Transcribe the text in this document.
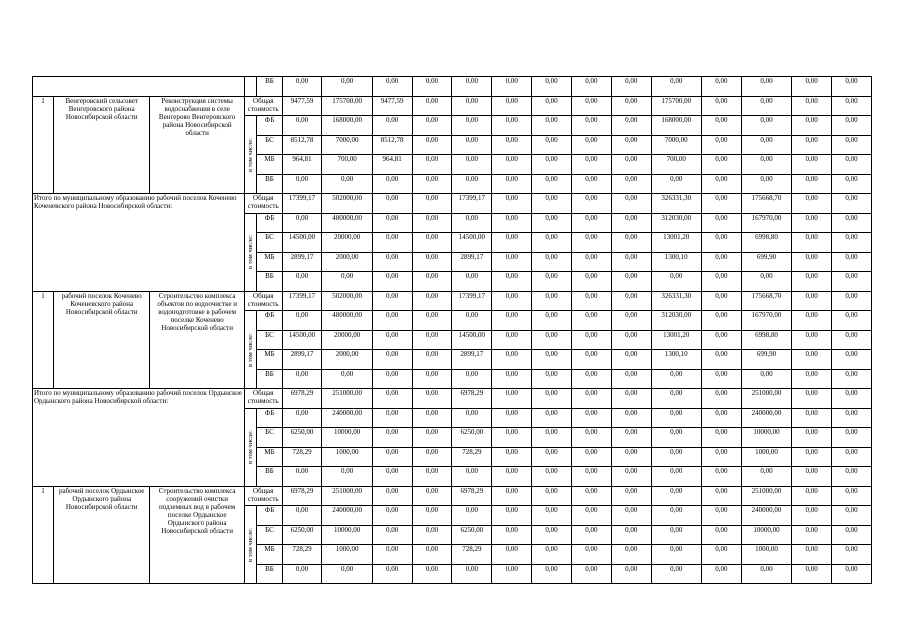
				ВБ	0,00	0,00	0,00	0,00	0,00	0,00	0,00	0,00	0,00	0,00	0,00	0,00	0,00	0,00
1	Венгеровский сельсовет Венгеровского района Новосибирской области	Реконструкция системы водоснабжения в селе Венгерово Венгеровского района Новосибирской области	Общая стоимость		9477,59	175700,00	9477,59	0,00	0,00	0,00	0,00	0,00	0,00	175700,00	0,00	0,00	0,00	0,00

			в том числе:	ФБ	0,00	168000,00	0,00	0,00	0,00	0,00	0,00	0,00	0,00	168000,00	0,00	0,00	0,00	0,00
				БС	8512,78	7000,00	8512,78	0,00	0,00	0,00	0,00	0,00	0,00	7000,00	0,00	0,00	0,00	0,00
				МБ	964,81	700,00	964,81	0,00	0,00	0,00	0,00	0,00	0,00	700,00	0,00	0,00	0,00	0,00
				ВБ	0,00	0,00	0,00	0,00	0,00	0,00	0,00	0,00	0,00	0,00	0,00	0,00	0,00	0,00
Итого по муниципальному образованию рабочий поселок Коченево Коченевского района Новосибирской области:			Общая стоимость		17399,17	502000,00	0,00	0,00	17399,17	0,00	0,00	0,00	0,00	326331,30	0,00	175668,70	0,00	0,00

			в том числе:	ФБ	0,00	480000,00	0,00	0,00	0,00	0,00	0,00	0,00	0,00	312030,00	0,00	167970,00	0,00	0,00
				БС	14500,00	20000,00	0,00	0,00	14500,00	0,00	0,00	0,00	0,00	13001,20	0,00	6998,80	0,00	0,00
				МБ	2899,17	2000,00	0,00	0,00	2899,17	0,00	0,00	0,00	0,00	1300,10	0,00	699,90	0,00	0,00
				ВБ	0,00	0,00	0,00	0,00	0,00	0,00	0,00	0,00	0,00	0,00	0,00	0,00	0,00	0,00
1	рабочий поселок Коченево Коченевского района Новосибирской области	Строительство комплекса объектов по водоочистке и водоподготовке в рабочем поселке Коченево Новосибирской области	Общая стоимость		17399,17	502000,00	0,00	0,00	17399,17	0,00	0,00	0,00	0,00	326331,30	0,00	175668,70	0,00	0,00

			в том числе:	ФБ	0,00	480000,00	0,00	0,00	0,00	0,00	0,00	0,00	0,00	312030,00	0,00	167970,00	0,00	0,00
				БС	14500,00	20000,00	0,00	0,00	14500,00	0,00	0,00	0,00	0,00	13001,20	0,00	6998,80	0,00	0,00
				МБ	2899,17	2000,00	0,00	0,00	2899,17	0,00	0,00	0,00	0,00	1300,10	0,00	699,90	0,00	0,00
				ВБ	0,00	0,00	0,00	0,00	0,00	0,00	0,00	0,00	0,00	0,00	0,00	0,00	0,00	0,00
Итого по муниципальному образованию рабочий поселок Ордынское Ордынского района Новосибирской области:			Общая стоимость		6978,29	251000,00	0,00	0,00	6978,29	0,00	0,00	0,00	0,00	0,00	0,00	251000,00	0,00	0,00

			в том числе:	ФБ	0,00	240000,00	0,00	0,00	0,00	0,00	0,00	0,00	0,00	0,00	0,00	240000,00	0,00	0,00
				БС	6250,00	10000,00	0,00	0,00	6250,00	0,00	0,00	0,00	0,00	0,00	0,00	10000,00	0,00	0,00
				МБ	728,29	1000,00	0,00	0,00	728,29	0,00	0,00	0,00	0,00	0,00	0,00	1000,00	0,00	0,00
				ВБ	0,00	0,00	0,00	0,00	0,00	0,00	0,00	0,00	0,00	0,00	0,00	0,00	0,00	0,00
1	рабочий поселок Ордынское Ордынского района Новосибирской области	Строительство комплекса сооружений очистки подземных вод в рабочем поселке Ордынское Ордынского района Новосибирской области	Общая стоимость		6978,29	251000,00	0,00	0,00	6978,29	0,00	0,00	0,00	0,00	0,00	0,00	251000,00	0,00	0,00

			в том числе:	ФБ	0,00	240000,00	0,00	0,00	0,00	0,00	0,00	0,00	0,00	0,00	0,00	240000,00	0,00	0,00
				БС	6250,00	10000,00	0,00	0,00	6250,00	0,00	0,00	0,00	0,00	0,00	0,00	10000,00	0,00	0,00
				МБ	728,29	1000,00	0,00	0,00	728,29	0,00	0,00	0,00	0,00	0,00	0,00	1000,00	0,00	0,00
				ВБ	0,00	0,00	0,00	0,00	0,00	0,00	0,00	0,00	0,00	0,00	0,00	0,00	0,00	0,00
